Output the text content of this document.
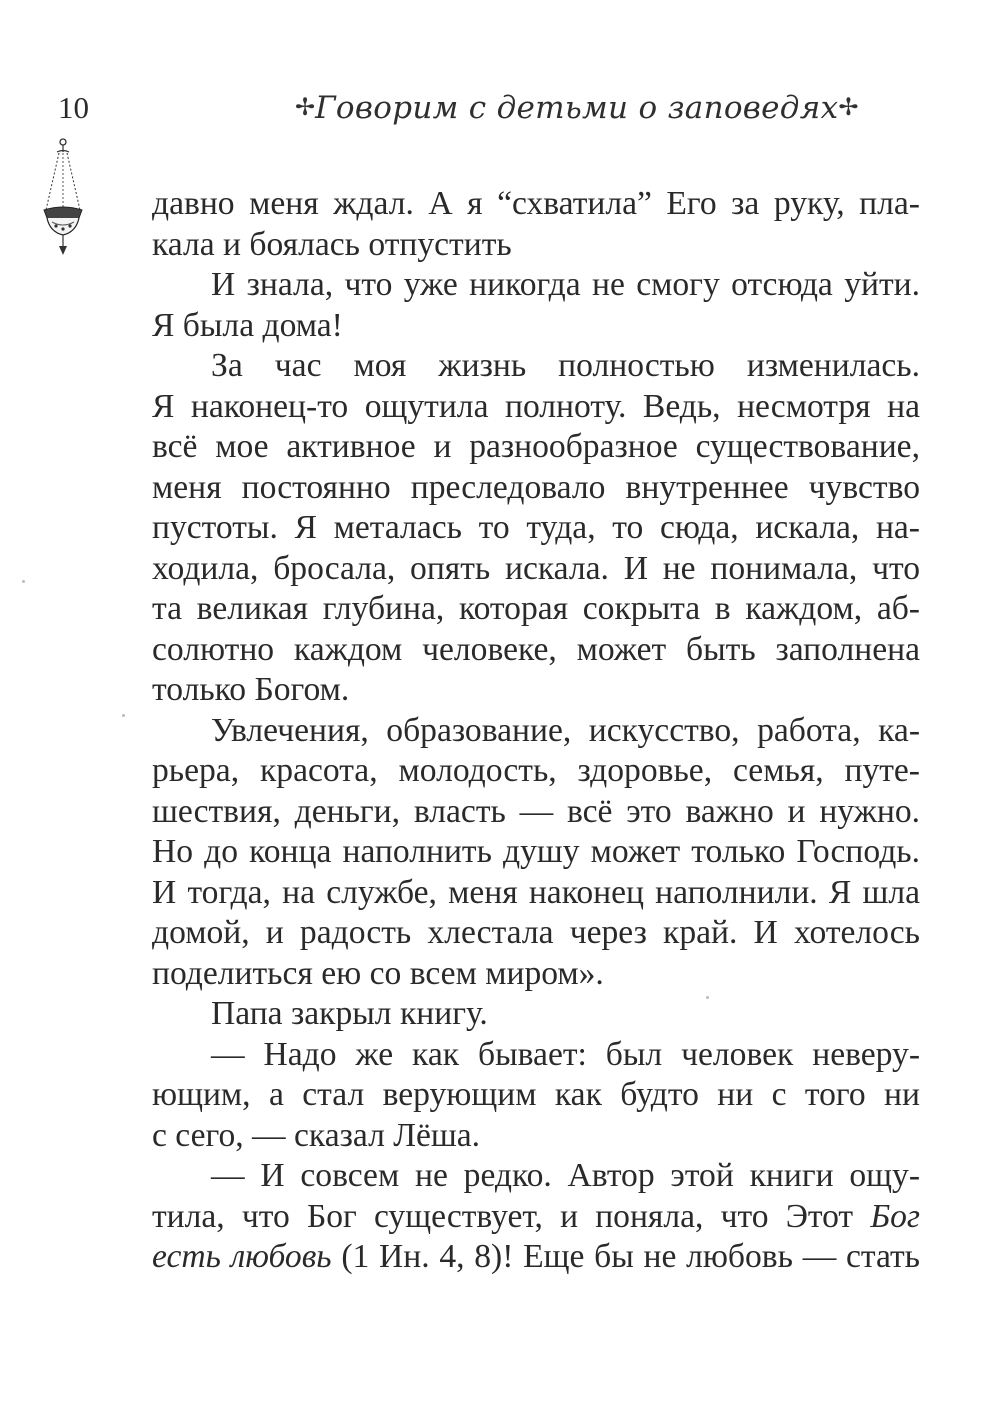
10	✢ Говорим с детьми о заповедях ✢
давно меня ждал. А я “схватила” Его за руку, пла-
кала и боялась отпустить
И знала, что уже никогда не смогу отсюда уйти.
Я была дома!
За час моя жизнь полностью изменилась.
Я наконец-то ощутила полноту. Ведь, несмотря на
всё мое активное и разнообразное существование,
меня постоянно преследовало внутреннее чувство
пустоты. Я металась то туда, то сюда, искала, на-
ходила, бросала, опять искала. И не понимала, что
та великая глубина, которая сокрыта в каждом, аб-
солютно каждом человеке, может быть заполнена
только Богом.
Увлечения, образование, искусство, работа, ка-
рьера, красота, молодость, здоровье, семья, путе-
шествия, деньги, власть — всё это важно и нужно.
Но до конца наполнить душу может только Господь.
И тогда, на службе, меня наконец наполнили. Я шла
домой, и радость хлестала через край. И хотелось
поделиться ею со всем миром».
Папа закрыл книгу.
— Надо же как бывает: был человек неверу-
ющим, а стал верующим как будто ни с того ни
с сего, — сказал Лёша.
— И совсем не редко. Автор этой книги ощу-
тила, что Бог существует, и поняла, что Этот Бог
есть любовь (1 Ин. 4, 8)! Еще бы не любовь — стать
